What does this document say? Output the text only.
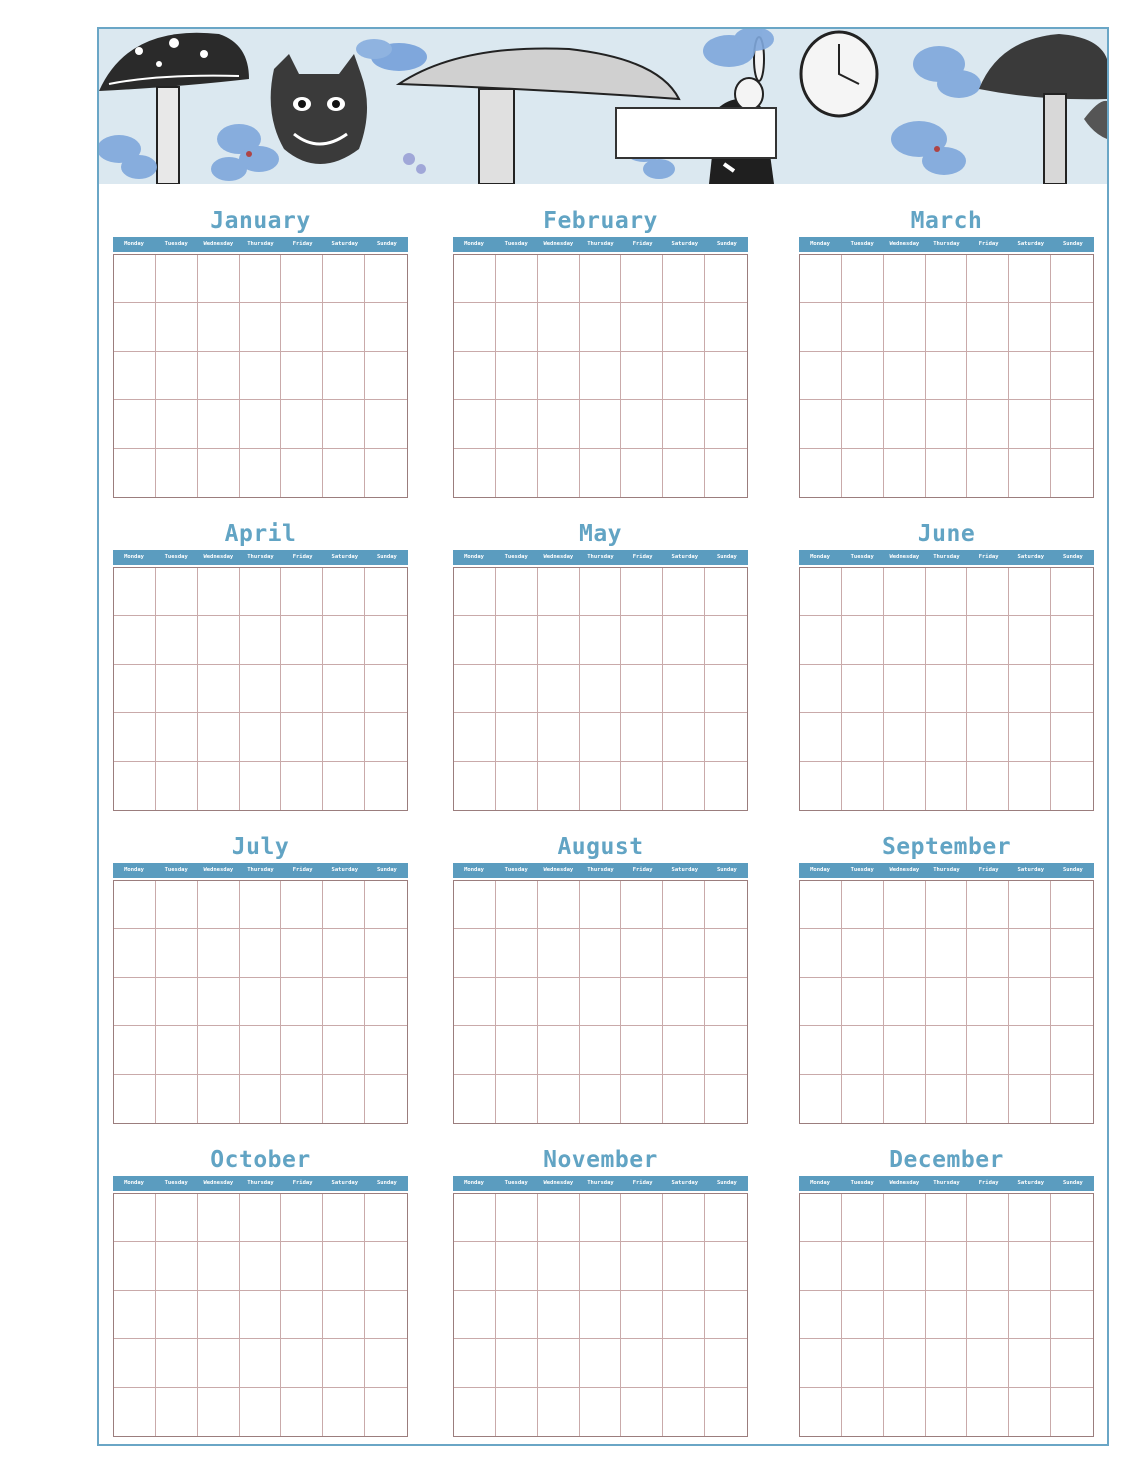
January
Monday	Tuesday	Wednesday	Thursday	Friday	Saturday	Sunday
February
Monday	Tuesday	Wednesday	Thursday	Friday	Saturday	Sunday
March
Monday	Tuesday	Wednesday	Thursday	Friday	Saturday	Sunday
April
Monday	Tuesday	Wednesday	Thursday	Friday	Saturday	Sunday
May
Monday	Tuesday	Wednesday	Thursday	Friday	Saturday	Sunday
June
Monday	Tuesday	Wednesday	Thursday	Friday	Saturday	Sunday
July
Monday	Tuesday	Wednesday	Thursday	Friday	Saturday	Sunday
August
Monday	Tuesday	Wednesday	Thursday	Friday	Saturday	Sunday
September
Monday	Tuesday	Wednesday	Thursday	Friday	Saturday	Sunday
October
Monday	Tuesday	Wednesday	Thursday	Friday	Saturday	Sunday
November
Monday	Tuesday	Wednesday	Thursday	Friday	Saturday	Sunday
December
Monday	Tuesday	Wednesday	Thursday	Friday	Saturday	Sunday
